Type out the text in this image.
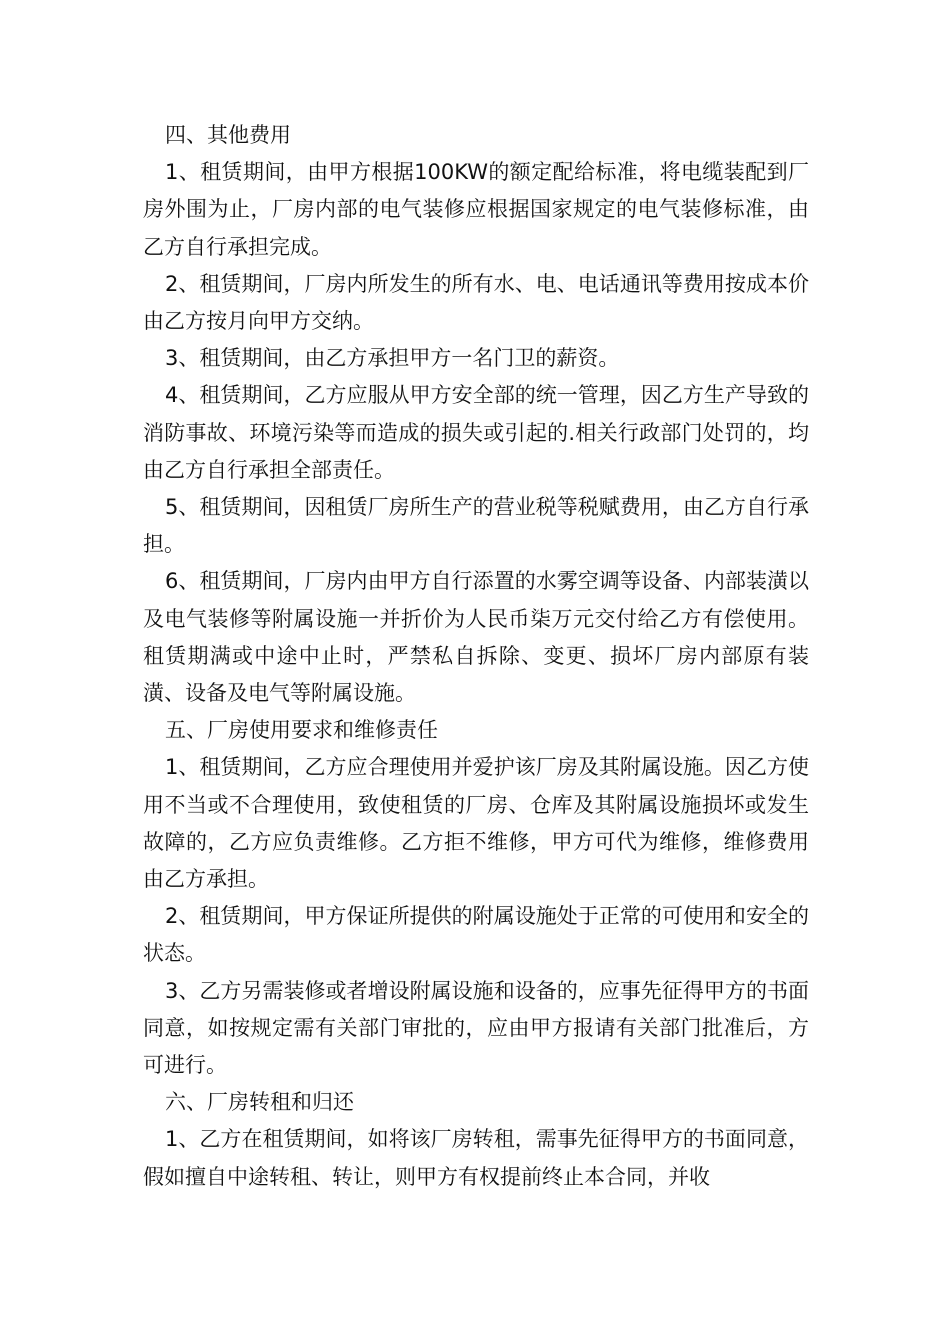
四、其他费用

1、租赁期间，由甲方根据100KW的额定配给标准，将电缆装配到厂房外围为止，厂房内部的电气装修应根据国家规定的电气装修标准，由乙方自行承担完成。

2、租赁期间，厂房内所发生的所有水、电、电话通讯等费用按成本价由乙方按月向甲方交纳。

3、租赁期间，由乙方承担甲方一名门卫的薪资。

4、租赁期间，乙方应服从甲方安全部的统一管理，因乙方生产导致的消防事故、环境污染等而造成的损失或引起的.相关行政部门处罚的，均由乙方自行承担全部责任。

5、租赁期间，因租赁厂房所生产的营业税等税赋费用，由乙方自行承担。

6、租赁期间，厂房内由甲方自行添置的水雾空调等设备、内部装潢以及电气装修等附属设施一并折价为人民币柒万元交付给乙方有偿使用。租赁期满或中途中止时，严禁私自拆除、变更、损坏厂房内部原有装潢、设备及电气等附属设施。

五、厂房使用要求和维修责任

1、租赁期间，乙方应合理使用并爱护该厂房及其附属设施。因乙方使用不当或不合理使用，致使租赁的厂房、仓库及其附属设施损坏或发生故障的，乙方应负责维修。乙方拒不维修，甲方可代为维修，维修费用由乙方承担。

2、租赁期间，甲方保证所提供的附属设施处于正常的可使用和安全的状态。

3、乙方另需装修或者增设附属设施和设备的，应事先征得甲方的书面同意，如按规定需有关部门审批的，应由甲方报请有关部门批准后，方可进行。

六、厂房转租和归还

1、乙方在租赁期间，如将该厂房转租，需事先征得甲方的书面同意，假如擅自中途转租、转让，则甲方有权提前终止本合同，并收
